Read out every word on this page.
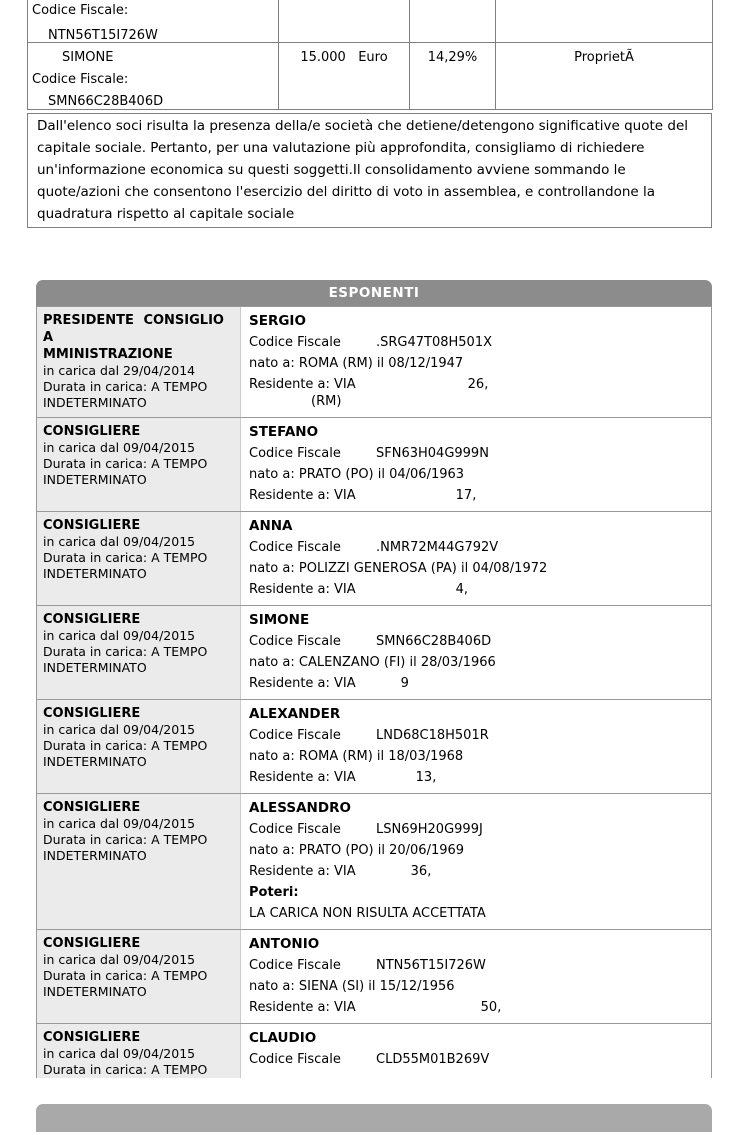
Codice Fiscale:
NTN56T15I726W
SIMONE
Codice Fiscale:
SMN66C28B406D
15.000   Euro	14,29%	ProprietÃ
Dall'elenco soci risulta la presenza della/e società che detiene/detengono significative quote del capitale sociale. Pertanto, per una valutazione più approfondita, consigliamo di richiedere un'informazione economica su questi soggetti.Il consolidamento avviene sommando le quote/azioni che consentono l'esercizio del diritto di voto in assemblea, e controllandone la quadratura rispetto al capitale sociale
ESPONENTI
PRESIDENTE CONSIGLIO A
MMINISTRAZIONE
in carica dal 29/04/2014
Durata in carica: A TEMPO
INDETERMINATO
SERGIO
Codice Fiscale	.SRG47T08H501X
nato a: ROMA (RM) il 08/12/1947
Residente a: VIA	26,
(RM)
CONSIGLIERE
in carica dal 09/04/2015
Durata in carica: A TEMPO
INDETERMINATO
STEFANO
Codice Fiscale	SFN63H04G999N
nato a: PRATO (PO) il 04/06/1963
Residente a: VIA	17,
CONSIGLIERE
in carica dal 09/04/2015
Durata in carica: A TEMPO
INDETERMINATO
ANNA
Codice Fiscale	.NMR72M44G792V
nato a: POLIZZI GENEROSA (PA) il 04/08/1972
Residente a: VIA	4,
CONSIGLIERE
in carica dal 09/04/2015
Durata in carica: A TEMPO
INDETERMINATO
SIMONE
Codice Fiscale	SMN66C28B406D
nato a: CALENZANO (FI) il 28/03/1966
Residente a: VIA	9
CONSIGLIERE
in carica dal 09/04/2015
Durata in carica: A TEMPO
INDETERMINATO
ALEXANDER
Codice Fiscale	LND68C18H501R
nato a: ROMA (RM) il 18/03/1968
Residente a: VIA	13,
CONSIGLIERE
in carica dal 09/04/2015
Durata in carica: A TEMPO
INDETERMINATO
ALESSANDRO
Codice Fiscale	LSN69H20G999J
nato a: PRATO (PO) il 20/06/1969
Residente a: VIA	36,
Poteri:
LA CARICA NON RISULTA ACCETTATA
CONSIGLIERE
in carica dal 09/04/2015
Durata in carica: A TEMPO
INDETERMINATO
ANTONIO
Codice Fiscale	NTN56T15I726W
nato a: SIENA (SI) il 15/12/1956
Residente a: VIA	50,
CONSIGLIERE
in carica dal 09/04/2015
Durata in carica: A TEMPO
CLAUDIO
Codice Fiscale	CLD55M01B269V
